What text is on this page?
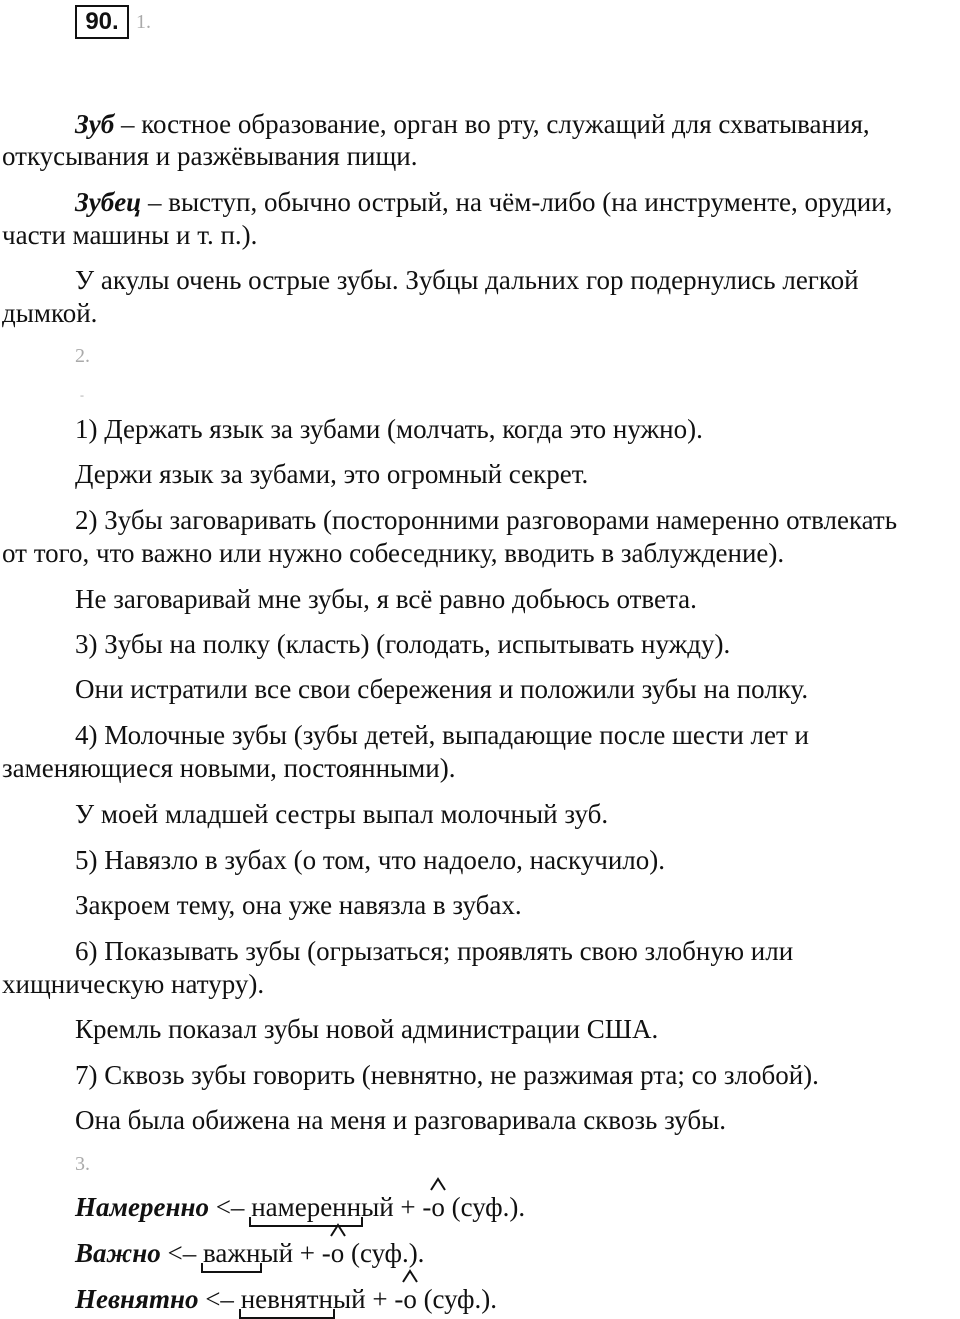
90. 1.
Зуб – костное образование, орган во рту, служащий для схватывания,
откусывания и разжёвывания пищи.
Зубец – выступ, обычно острый, на чём-либо (на инструменте, орудии,
части машины и т. п.).
У акулы очень острые зубы. Зубцы дальних гор подернулись легкой
дымкой.
2.
-
1) Держать язык за зубами (молчать, когда это нужно).
Держи язык за зубами, это огромный секрет.
2) Зубы заговаривать (посторонними разговорами намеренно отвлекать
от того, что важно или нужно собеседнику, вводить в заблуждение).
Не заговаривай мне зубы, я всё равно добьюсь ответа.
3) Зубы на полку (класть) (голодать, испытывать нужду).
Они истратили все свои сбережения и положили зубы на полку.
4) Молочные зубы (зубы детей, выпадающие после шести лет и
заменяющиеся новыми, постоянными).
У моей младшей сестры выпал молочный зуб.
5) Навязло в зубах (о том, что надоело, наскучило).
Закроем тему, она уже навязла в зубах.
6) Показывать зубы (огрызаться; проявлять свою злобную или
хищническую натуру).
Кремль показал зубы новой администрации США.
7) Сквозь зубы говорить (невнятно, не разжимая рта; со злобой).
Она была обижена на меня и разговаривала сквозь зубы.
3.
Намеренно <– намеренн
ый + -
о (суф.).
Важно <– важн
ый + -
о (суф.).
Невнятно <– невнятн
ый + -
о (суф.).
